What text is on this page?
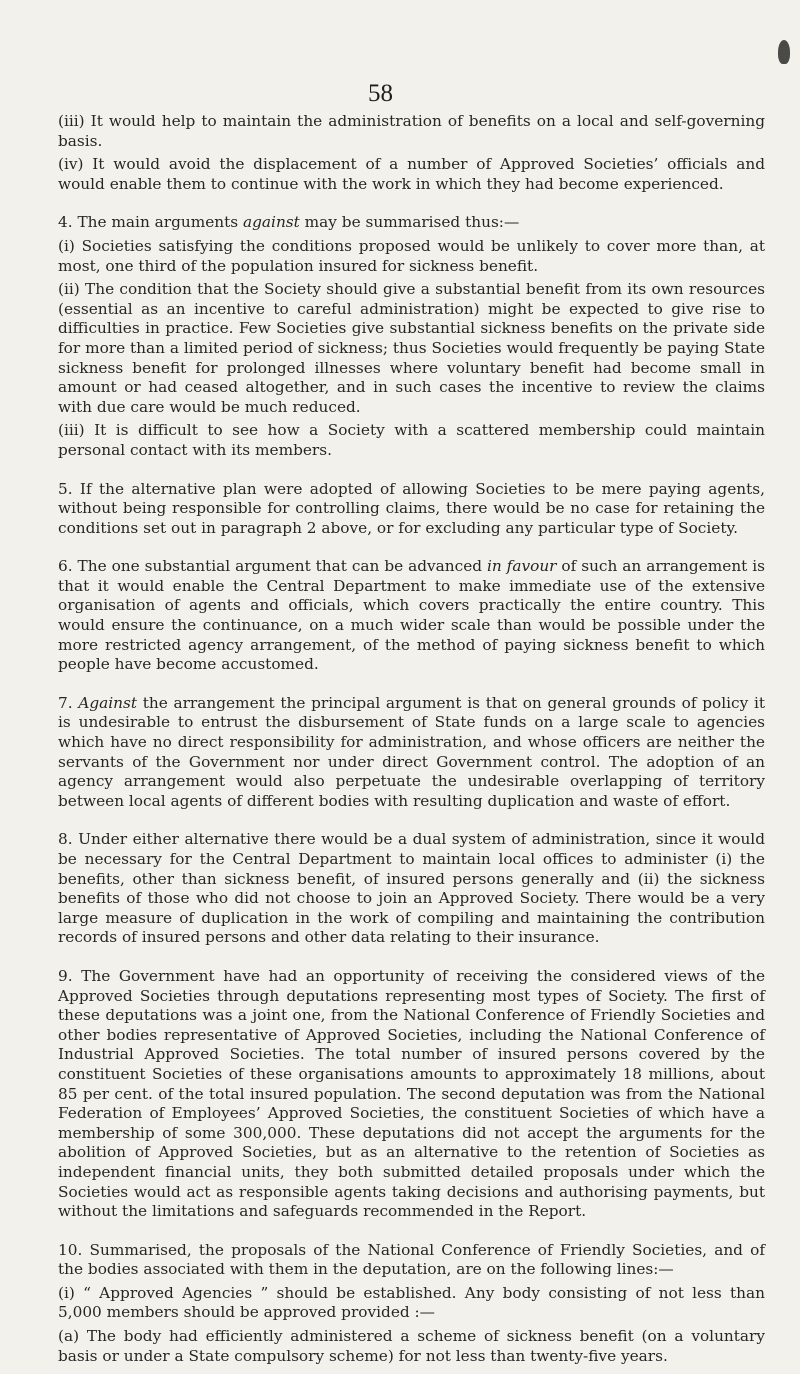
58

(iii) It would help to maintain the administration of benefits on a local and self-governing basis.

(iv) It would avoid the displacement of a number of Approved Societies’ officials and would enable them to continue with the work in which they had become experienced.

4. The main arguments against may be summarised thus:—

(i) Societies satisfying the conditions proposed would be unlikely to cover more than, at most, one third of the population insured for sickness benefit.

(ii) The condition that the Society should give a substantial benefit from its own resources (essential as an incentive to careful administration) might be expected to give rise to difficulties in practice. Few Societies give substantial sickness benefits on the private side for more than a limited period of sickness; thus Societies would frequently be paying State sickness benefit for prolonged illnesses where voluntary benefit had become small in amount or had ceased altogether, and in such cases the incentive to review the claims with due care would be much reduced.

(iii) It is difficult to see how a Society with a scattered membership could maintain personal contact with its members.

5. If the alternative plan were adopted of allowing Societies to be mere paying agents, without being responsible for controlling claims, there would be no case for retaining the conditions set out in paragraph 2 above, or for excluding any particular type of Society.

6. The one substantial argument that can be advanced in favour of such an arrangement is that it would enable the Central Department to make immediate use of the extensive organisation of agents and officials, which covers practically the entire country. This would ensure the continuance, on a much wider scale than would be possible under the more restricted agency arrangement, of the method of paying sickness benefit to which people have become accustomed.

7. Against the arrangement the principal argument is that on general grounds of policy it is undesirable to entrust the disbursement of State funds on a large scale to agencies which have no direct responsibility for administration, and whose officers are neither the servants of the Government nor under direct Government control. The adoption of an agency arrangement would also perpetuate the undesirable overlapping of territory between local agents of different bodies with resulting duplication and waste of effort.

8. Under either alternative there would be a dual system of administration, since it would be necessary for the Central Department to maintain local offices to administer (i) the benefits, other than sickness benefit, of insured persons generally and (ii) the sickness benefits of those who did not choose to join an Approved Society. There would be a very large measure of duplication in the work of compiling and maintaining the contribution records of insured persons and other data relating to their insurance.

9. The Government have had an opportunity of receiving the considered views of the Approved Societies through deputations representing most types of Society. The first of these deputations was a joint one, from the National Conference of Friendly Societies and other bodies representative of Approved Societies, including the National Conference of Industrial Approved Societies. The total number of insured persons covered by the constituent Societies of these organisations amounts to approximately 18 millions, about 85 per cent. of the total insured population. The second deputation was from the National Federation of Employees’ Approved Societies, the constituent Societies of which have a membership of some 300,000. These deputations did not accept the arguments for the abolition of Approved Societies, but as an alternative to the retention of Societies as independent financial units, they both submitted detailed proposals under which the Societies would act as responsible agents taking decisions and authorising payments, but without the limitations and safeguards recommended in the Report.

10. Summarised, the proposals of the National Conference of Friendly Societies, and of the bodies associated with them in the deputation, are on the following lines:—

(i) “ Approved Agencies ” should be established. Any body consisting of not less than 5,000 members should be approved provided :—

(a) The body had efficiently administered a scheme of sickness benefit (on a voluntary basis or under a State compulsory scheme) for not less than twenty-five years.
